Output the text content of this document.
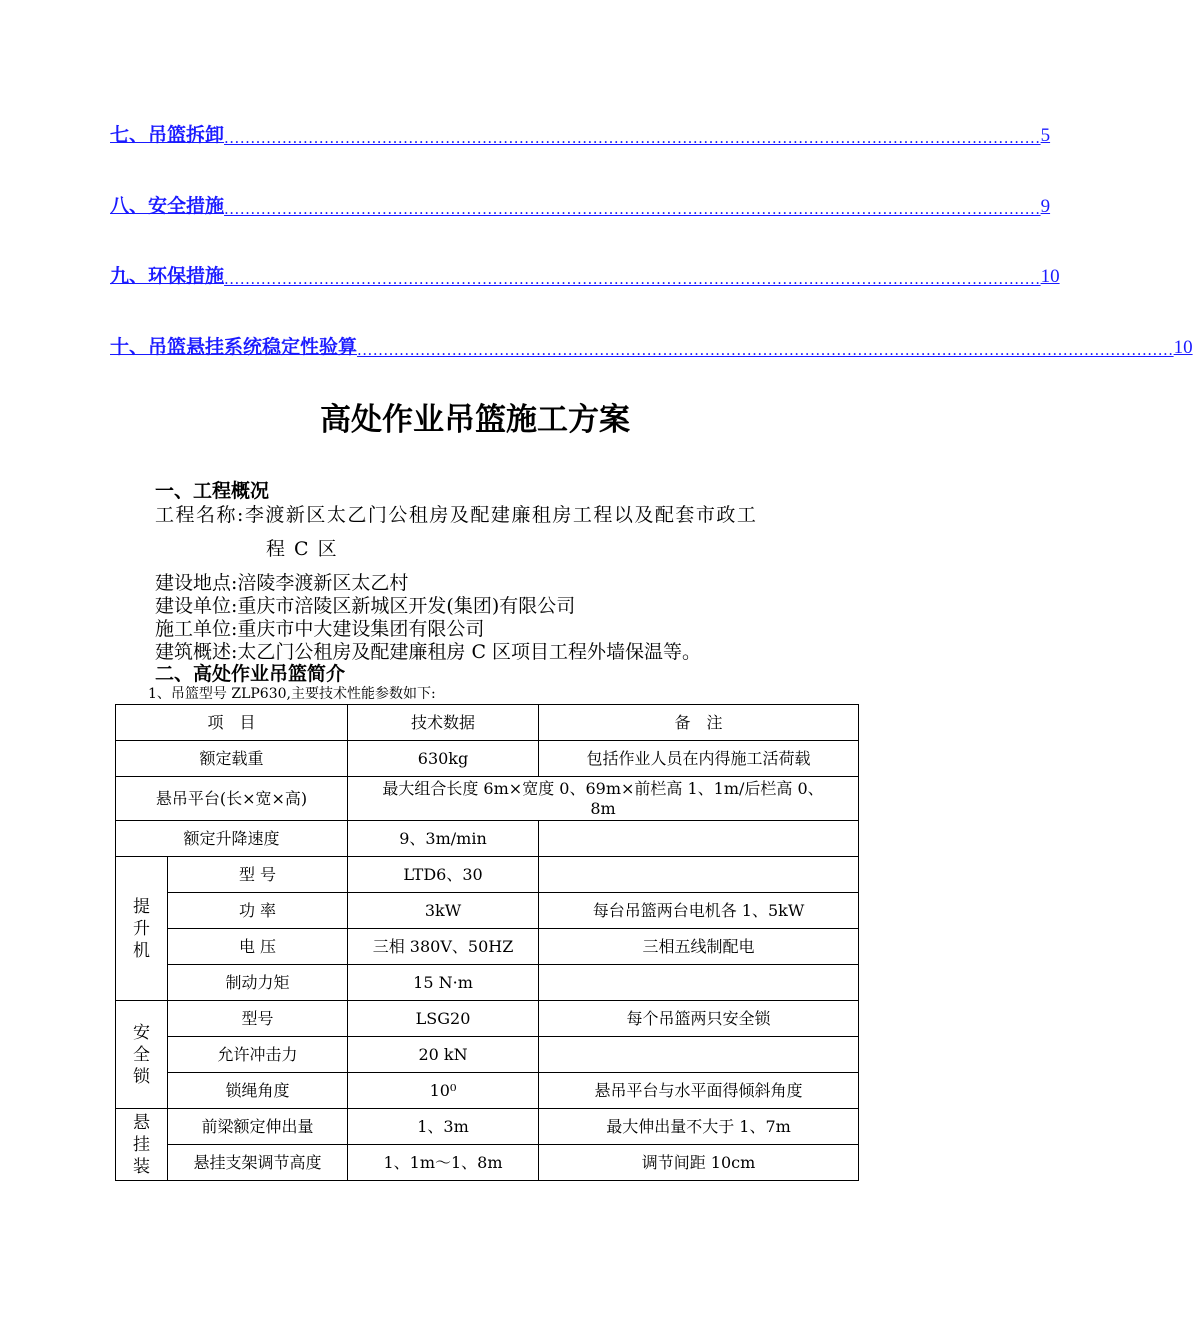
七、吊篮拆卸 ........................................................................................................................................................... 5
八、安全措施 ........................................................................................................................................................... 9
九、环保措施 ........................................................................................................................................................... 10
十、吊篮悬挂系统稳定性验算 ........................................................................................................................................................... 10
高处作业吊篮施工方案
一、工程概况
工程名称:李渡新区太乙门公租房及配建廉租房工程以及配套市政工
程 C 区
建设地点:涪陵李渡新区太乙村
建设单位:重庆市涪陵区新城区开发(集团)有限公司
施工单位:重庆市中大建设集团有限公司
建筑概述:太乙门公租房及配建廉租房 C 区项目工程外墙保温等。
二、高处作业吊篮简介
1、吊篮型号 ZLP630,主要技术性能参数如下:
项　目		技术数据	备　注
额定载重		630kg	包括作业人员在内得施工活荷载
悬吊平台(长×宽×高)		最大组合长度 6m×宽度 0、69m×前栏高 1、1m/后栏高 0、8m	
额定升降速度		9、3m/min	
提
升
机	型 号	LTD6、30	
	功 率	3kW	每台吊篮两台电机各 1、5kW
	电 压	三相 380V、50HZ	三相五线制配电
	制动力矩	15 N·m	
安
全
锁	型号	LSG20	每个吊篮两只安全锁
	允许冲击力	20 kN	
	锁绳角度	10⁰	悬吊平台与水平面得倾斜角度
悬
挂
装	前梁额定伸出量	1、3m	最大伸出量不大于 1、7m
	悬挂支架调节高度	1、1m～1、8m	调节间距 10cm
